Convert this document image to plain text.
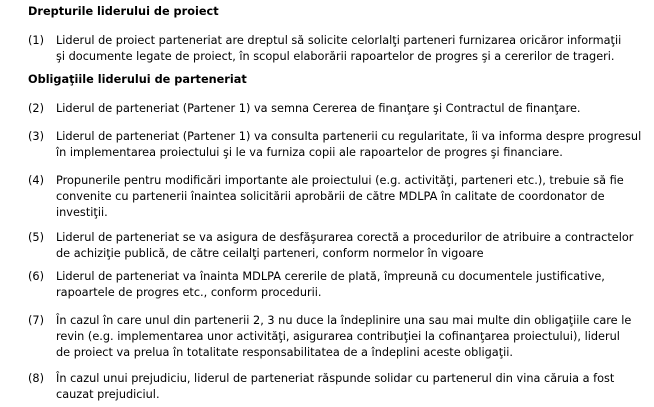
Drepturile liderului de proiect
(1) Liderul de proiect parteneriat are dreptul să solicite celorlalţi parteneri furnizarea oricăror informaţii
şi documente legate de proiect, în scopul elaborării rapoartelor de progres şi a cererilor de trageri.
Obligaţiile liderului de parteneriat
(2) Liderul de parteneriat (Partener 1) va semna Cererea de finanţare şi Contractul de finanţare.
(3) Liderul de parteneriat (Partener 1) va consulta partenerii cu regularitate, îi va informa despre progresul
în implementarea proiectului şi le va furniza copii ale rapoartelor de progres şi financiare.
(4) Propunerile pentru modificări importante ale proiectului (e.g. activităţi, parteneri etc.), trebuie să fie
convenite cu partenerii înaintea solicitării aprobării de către MDLPA în calitate de coordonator de
investiţii.
(5) Liderul de parteneriat se va asigura de desfăşurarea corectă a procedurilor de atribuire a contractelor
de achiziţie publică, de către ceilalţi parteneri, conform normelor în vigoare
(6) Liderul de parteneriat va înainta MDLPA cererile de plată, împreună cu documentele justificative,
rapoartele de progres etc., conform procedurii.
(7) În cazul în care unul din partenerii 2, 3 nu duce la îndeplinire una sau mai multe din obligaţiile care le
revin (e.g. implementarea unor activităţi, asigurarea contribuţiei la cofinanţarea proiectului), liderul
de proiect va prelua în totalitate responsabilitatea de a îndeplini aceste obligaţii.
(8) În cazul unui prejudiciu, liderul de parteneriat răspunde solidar cu partenerul din vina căruia a fost
cauzat prejudiciul.
